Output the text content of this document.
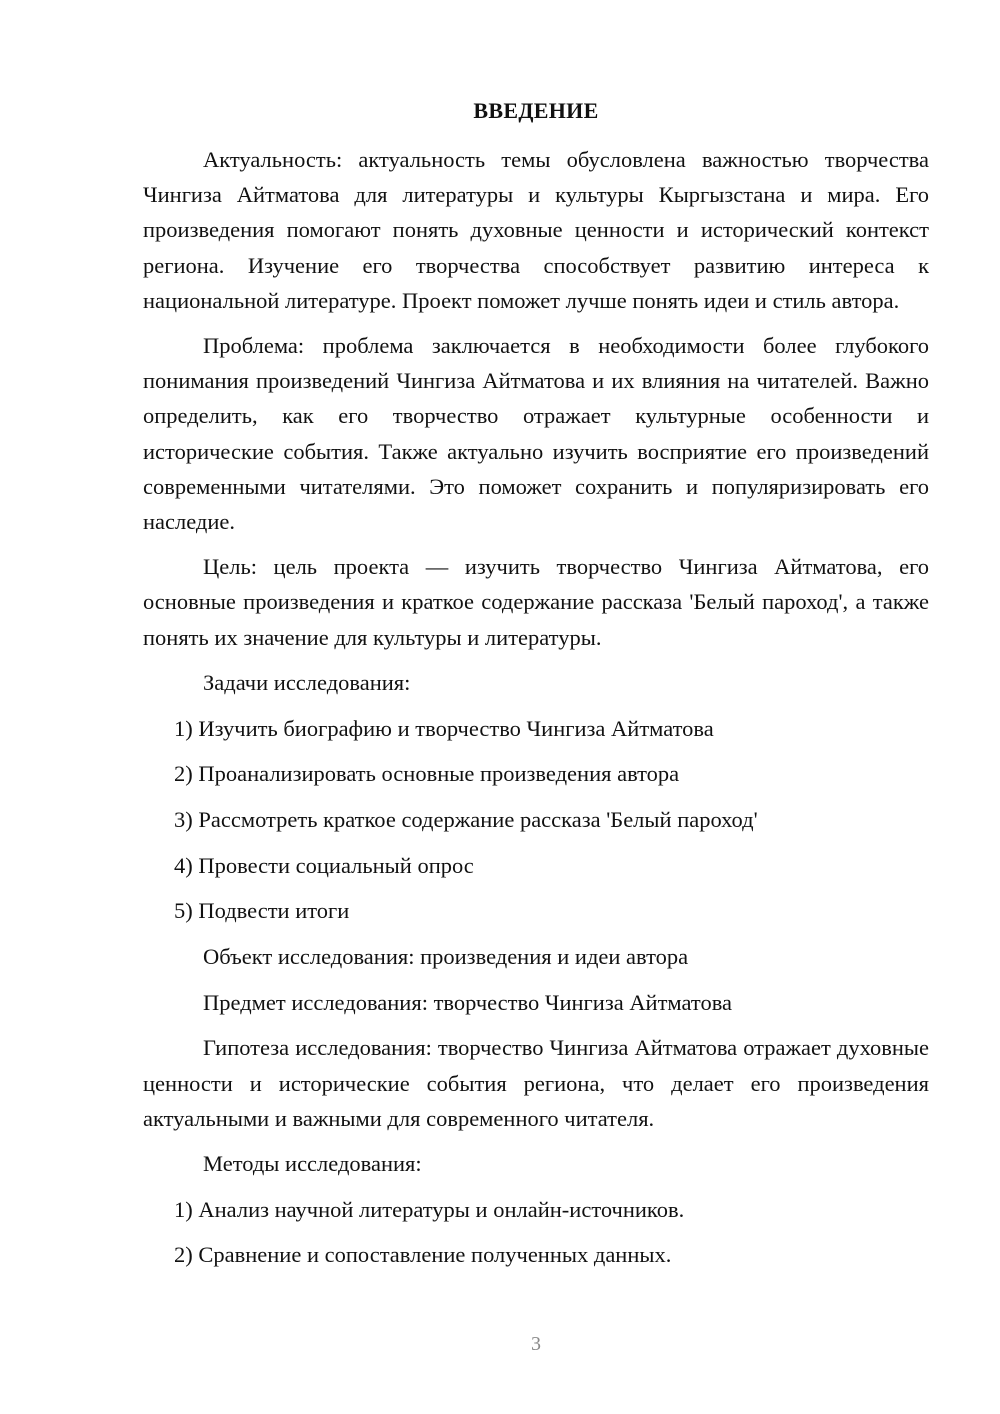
ВВЕДЕНИЕ

Актуальность: актуальность темы обусловлена важностью творчества Чингиза Айтматова для литературы и культуры Кыргызстана и мира. Его произведения помогают понять духовные ценности и исторический контекст региона. Изучение его творчества способствует развитию интереса к национальной литературе. Проект поможет лучше понять идеи и стиль автора.

Проблема: проблема заключается в необходимости более глубокого понимания произведений Чингиза Айтматова и их влияния на читателей. Важно определить, как его творчество отражает культурные особенности и исторические события. Также актуально изучить восприятие его произведений современными читателями. Это поможет сохранить и популяризировать его наследие.

Цель: цель проекта — изучить творчество Чингиза Айтматова, его основные произведения и краткое содержание рассказа 'Белый пароход', а также понять их значение для культуры и литературы.

Задачи исследования:

1) Изучить биографию и творчество Чингиза Айтматова

2) Проанализировать основные произведения автора

3) Рассмотреть краткое содержание рассказа 'Белый пароход'

4) Провести социальный опрос

5) Подвести итоги

Объект исследования: произведения и идеи автора

Предмет исследования: творчество Чингиза Айтматова

Гипотеза исследования: творчество Чингиза Айтматова отражает духовные ценности и исторические события региона, что делает его произведения актуальными и важными для современного читателя.

Методы исследования:

1) Анализ научной литературы и онлайн-источников.

2) Сравнение и сопоставление полученных данных.

3
